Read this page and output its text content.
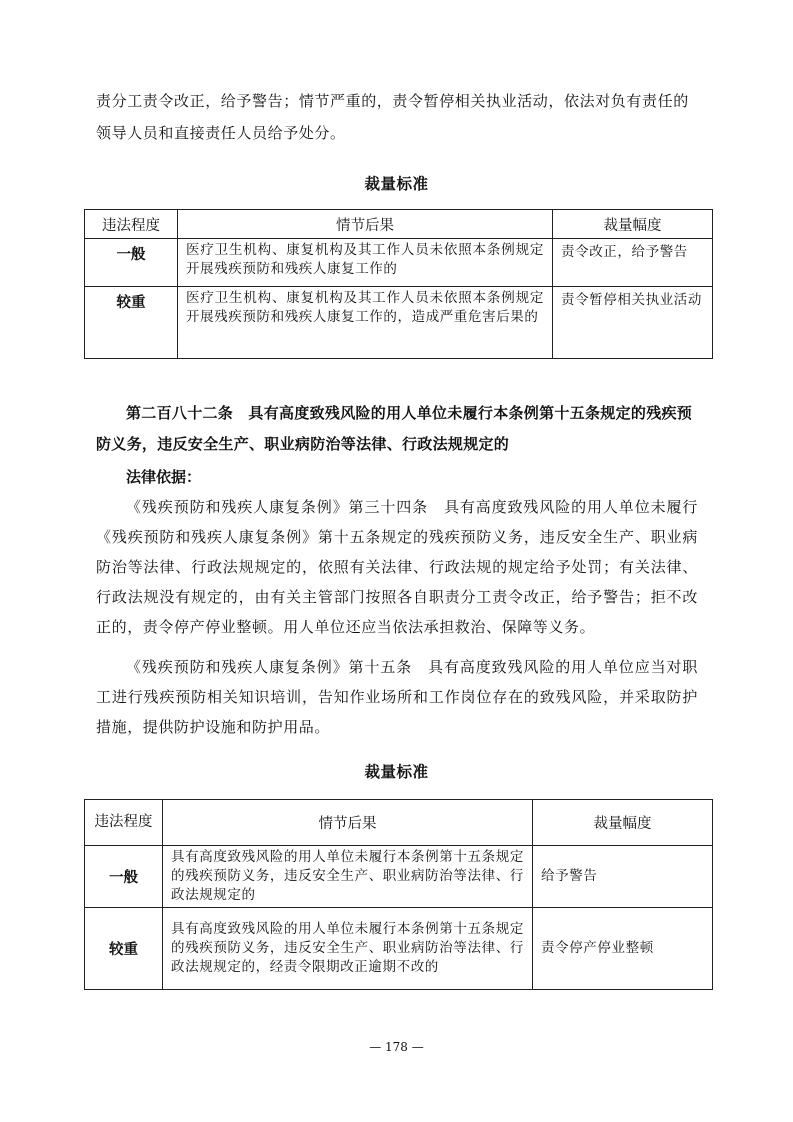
责分工责令改正，给予警告；情节严重的，责令暂停相关执业活动，依法对负有责任的

领导人员和直接责任人员给予处分。

裁量标准

违法程度	情节后果	裁量幅度
一般	医疗卫生机构、康复机构及其工作人员未依照本条例规定开展残疾预防和残疾人康复工作的	责令改正，给予警告
较重	医疗卫生机构、康复机构及其工作人员未依照本条例规定开展残疾预防和残疾人康复工作的，造成严重危害后果的	责令暂停相关执业活动

第二百八十二条　具有高度致残风险的用人单位未履行本条例第十五条规定的残疾预防义务，违反安全生产、职业病防治等法律、行政法规规定的

法律依据：

《残疾预防和残疾人康复条例》第三十四条　具有高度致残风险的用人单位未履行《残疾预防和残疾人康复条例》第十五条规定的残疾预防义务，违反安全生产、职业病防治等法律、行政法规规定的，依照有关法律、行政法规的规定给予处罚；有关法律、行政法规没有规定的，由有关主管部门按照各自职责分工责令改正，给予警告；拒不改正的，责令停产停业整顿。用人单位还应当依法承担救治、保障等义务。

《残疾预防和残疾人康复条例》第十五条　具有高度致残风险的用人单位应当对职工进行残疾预防相关知识培训，告知作业场所和工作岗位存在的致残风险，并采取防护措施，提供防护设施和防护用品。

裁量标准

违法程度	情节后果	裁量幅度
一般	具有高度致残风险的用人单位未履行本条例第十五条规定的残疾预防义务，违反安全生产、职业病防治等法律、行政法规规定的	给予警告
较重	具有高度致残风险的用人单位未履行本条例第十五条规定的残疾预防义务，违反安全生产、职业病防治等法律、行政法规规定的，经责令限期改正逾期不改的	责令停产停业整顿

— 178 —
